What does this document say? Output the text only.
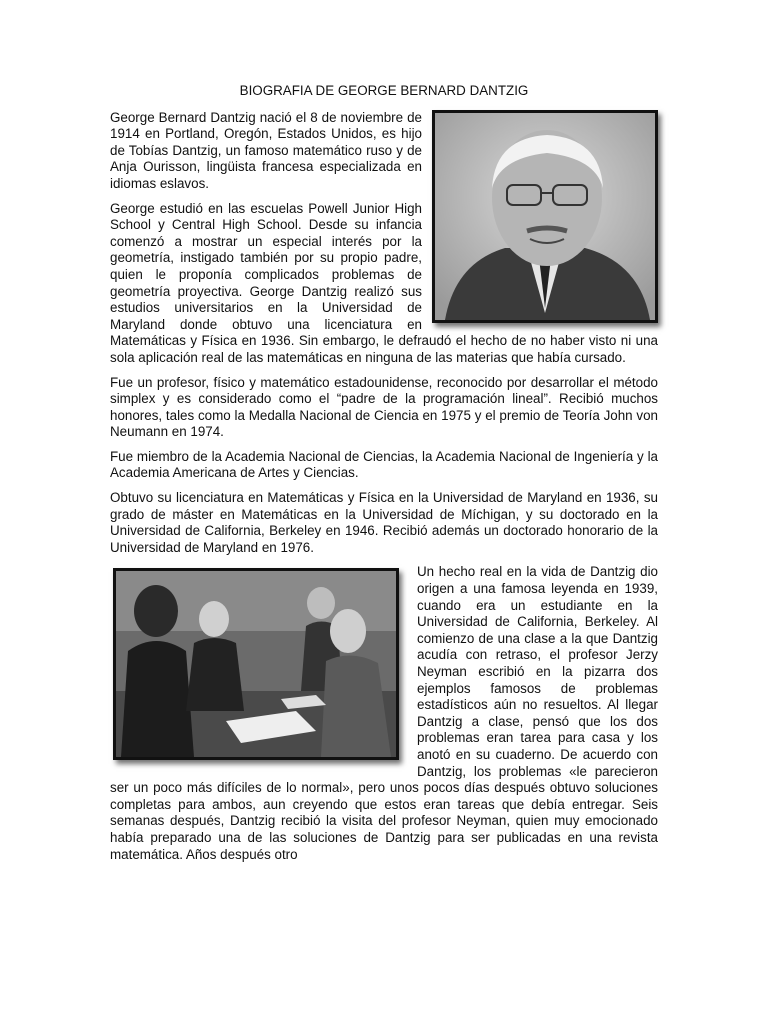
BIOGRAFIA DE GEORGE BERNARD DANTZIG

George Bernard Dantzig nació el 8 de noviembre de 1914 en Portland, Oregón, Estados Unidos, es hijo de Tobías Dantzig, un famoso matemático ruso y de Anja Ourisson, lingüista francesa especializada en idiomas eslavos.

George estudió en las escuelas Powell Junior High School y Central High School. Desde su infancia comenzó a mostrar un especial interés por la geometría, instigado también por su propio padre, quien le proponía complicados problemas de geometría proyectiva. George Dantzig realizó sus estudios universitarios en la Universidad de Maryland donde obtuvo una licenciatura en Matemáticas y Física en 1936. Sin embargo, le defraudó el hecho de no haber visto ni una sola aplicación real de las matemáticas en ninguna de las materias que había cursado.

Fue un profesor, físico y matemático estadounidense, reconocido por desarrollar el método simplex y es considerado como el “padre de la programación lineal”. Recibió muchos honores, tales como la Medalla Nacional de Ciencia en 1975 y el premio de Teoría John von Neumann en 1974.

Fue miembro de la Academia Nacional de Ciencias, la Academia Nacional de Ingeniería y la Academia Americana de Artes y Ciencias.

Obtuvo su licenciatura en Matemáticas y Física en la Universidad de Maryland en 1936, su grado de máster en Matemáticas en la Universidad de Míchigan, y su doctorado en la Universidad de California, Berkeley en 1946. Recibió además un doctorado honorario de la Universidad de Maryland en 1976.

Un hecho real en la vida de Dantzig dio origen a una famosa leyenda en 1939, cuando era un estudiante en la Universidad de California, Berkeley. Al comienzo de una clase a la que Dantzig acudía con retraso, el profesor Jerzy Neyman escribió en la pizarra dos ejemplos famosos de problemas estadísticos aún no resueltos. Al llegar Dantzig a clase, pensó que los dos problemas eran tarea para casa y los anotó en su cuaderno. De acuerdo con Dantzig, los problemas «le parecieron ser un poco más difíciles de lo normal», pero unos pocos días después obtuvo soluciones completas para ambos, aun creyendo que estos eran tareas que debía entregar. Seis semanas después, Dantzig recibió la visita del profesor Neyman, quien muy emocionado había preparado una de las soluciones de Dantzig para ser publicadas en una revista matemática. Años después otro
